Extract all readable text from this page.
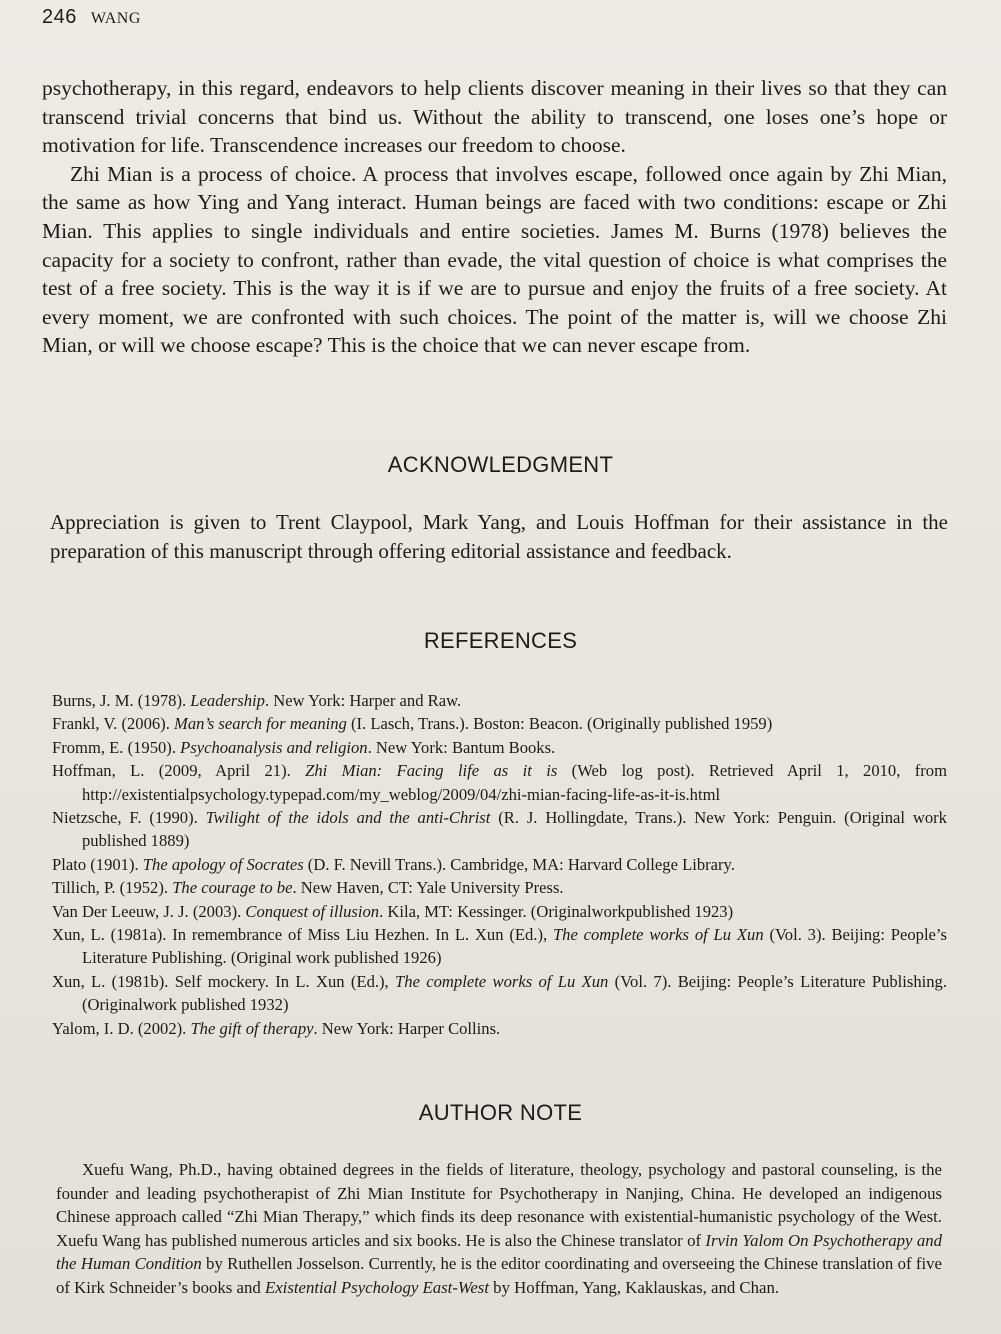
246 WANG

psychotherapy, in this regard, endeavors to help clients discover meaning in their lives so that they can transcend trivial concerns that bind us. Without the ability to transcend, one loses one’s hope or motivation for life. Transcendence increases our freedom to choose.

Zhi Mian is a process of choice. A process that involves escape, followed once again by Zhi Mian, the same as how Ying and Yang interact. Human beings are faced with two conditions: escape or Zhi Mian. This applies to single individuals and entire societies. James M. Burns (1978) believes the capacity for a society to confront, rather than evade, the vital question of choice is what comprises the test of a free society. This is the way it is if we are to pursue and enjoy the fruits of a free society. At every moment, we are confronted with such choices. The point of the matter is, will we choose Zhi Mian, or will we choose escape? This is the choice that we can never escape from.

ACKNOWLEDGMENT

Appreciation is given to Trent Claypool, Mark Yang, and Louis Hoffman for their assistance in the preparation of this manuscript through offering editorial assistance and feedback.

REFERENCES
Burns, J. M. (1978). Leadership. New York: Harper and Raw.
Frankl, V. (2006). Man’s search for meaning (I. Lasch, Trans.). Boston: Beacon. (Originally published 1959)
Fromm, E. (1950). Psychoanalysis and religion. New York: Bantum Books.
Hoffman, L. (2009, April 21). Zhi Mian: Facing life as it is (Web log post). Retrieved April 1, 2010, from http://existentialpsychology.typepad.com/my_weblog/2009/04/zhi-mian-facing-life-as-it-is.html
Nietzsche, F. (1990). Twilight of the idols and the anti-Christ (R. J. Hollingdate, Trans.). New York: Penguin. (Original work published 1889)
Plato (1901). The apology of Socrates (D. F. Nevill Trans.). Cambridge, MA: Harvard College Library.
Tillich, P. (1952). The courage to be. New Haven, CT: Yale University Press.
Van Der Leeuw, J. J. (2003). Conquest of illusion. Kila, MT: Kessinger. (Originalworkpublished 1923)
Xun, L. (1981a). In remembrance of Miss Liu Hezhen. In L. Xun (Ed.), The complete works of Lu Xun (Vol. 3). Beijing: People’s Literature Publishing. (Original work published 1926)
Xun, L. (1981b). Self mockery. In L. Xun (Ed.), The complete works of Lu Xun (Vol. 7). Beijing: People’s Literature Publishing. (Originalwork published 1932)
Yalom, I. D. (2002). The gift of therapy. New York: Harper Collins.
AUTHOR NOTE

Xuefu Wang, Ph.D., having obtained degrees in the fields of literature, theology, psychology and pastoral counseling, is the founder and leading psychotherapist of Zhi Mian Institute for Psychotherapy in Nanjing, China. He developed an indigenous Chinese approach called “Zhi Mian Therapy,” which finds its deep resonance with existential-humanistic psychology of the West. Xuefu Wang has published numerous articles and six books. He is also the Chinese translator of Irvin Yalom On Psychotherapy and the Human Condition by Ruthellen Josselson. Currently, he is the editor coordinating and overseeing the Chinese translation of five of Kirk Schneider’s books and Existential Psychology East-West by Hoffman, Yang, Kaklauskas, and Chan.
